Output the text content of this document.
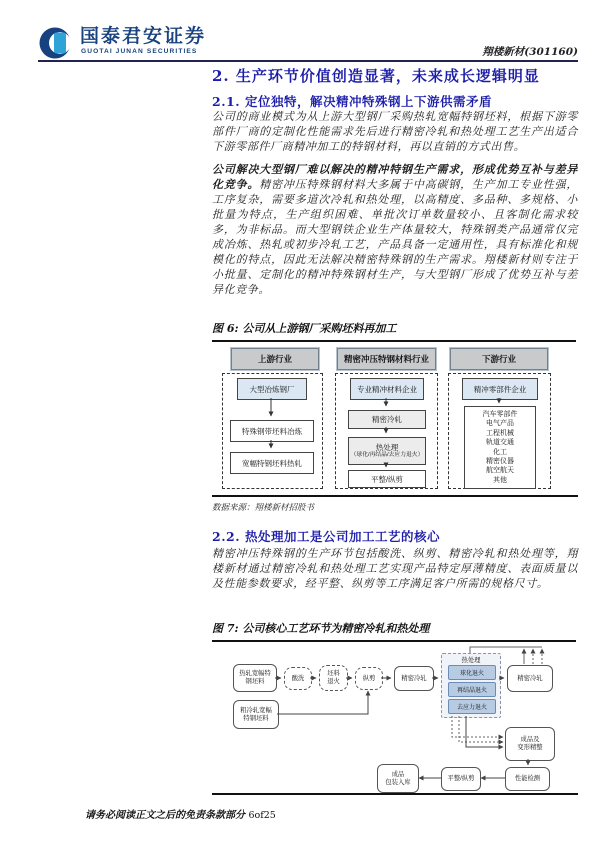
国泰君安证券
GUOTAI JUNAN SECURITIES	翔楼新材(301160)
2. 生产环节价值创造显著，未来成长逻辑明显
2.1. 定位独特，解决精冲特殊钢上下游供需矛盾
公司的商业模式为从上游大型钢厂采购热轧宽幅特钢坯料，根据下游零部件厂商的定制化性能需求先后进行精密冷轧和热处理工艺生产出适合下游零部件厂商精冲加工的特钢材料，再以直销的方式出售。

公司解决大型钢厂难以解决的精冲特钢生产需求，形成优势互补与差异化竞争。精密冲压特殊钢材料大多属于中高碳钢，生产加工专业性强，工序复杂，需要多道次冷轧和热处理，以高精度、多品种、多规格、小批量为特点，生产组织困难、单批次订单数量较小、且客制化需求较多，为非标品。而大型钢铁企业生产体量较大，特殊钢类产品通常仅完成冶炼、热轧或初步冷轧工艺，产品具备一定通用性，具有标准化和规模化的特点，因此无法解决精密特殊钢的生产需求。翔楼新材则专注于小批量、定制化的精冲特殊钢材生产，与大型钢厂形成了优势互补与差异化竞争。

图 6: 公司从上游钢厂采购坯料再加工
上游行业	精密冲压特钢材料行业	下游行业
大型冶炼钢厂
特殊钢带坯料冶炼
宽幅特钢坯料热轧
专业精冲材料企业
精密冷轧
热处理
（球化/再结晶/去应力退火）
平整/纵剪
精冲零部件企业
汽车零部件
电气产品
工程机械
轨道交通
化工
精密仪器
航空航天
其他
数据来源：翔楼新材招股书
2.2. 热处理加工是公司加工工艺的核心
精密冲压特殊钢的生产环节包括酸洗、纵剪、精密冷轧和热处理等，翔楼新材通过精密冷轧和热处理工艺实现产品特定厚薄精度、表面质量以及性能参数要求，经平整、纵剪等工序满足客户所需的规格尺寸。
图 7: 公司核心工艺环节为精密冷轧和热处理
热轧宽幅特
钢坯料
粗冷轧宽幅
特钢坯料
酸洗
坯料
退火	纵剪	精密冷轧
热处理
球化退火
再结晶退火
去应力退火
精密冷轧
成品及
变形精整
性能检测
平整/纵剪
成品
包装入库
请务必阅读正文之后的免责条款部分 6of25
